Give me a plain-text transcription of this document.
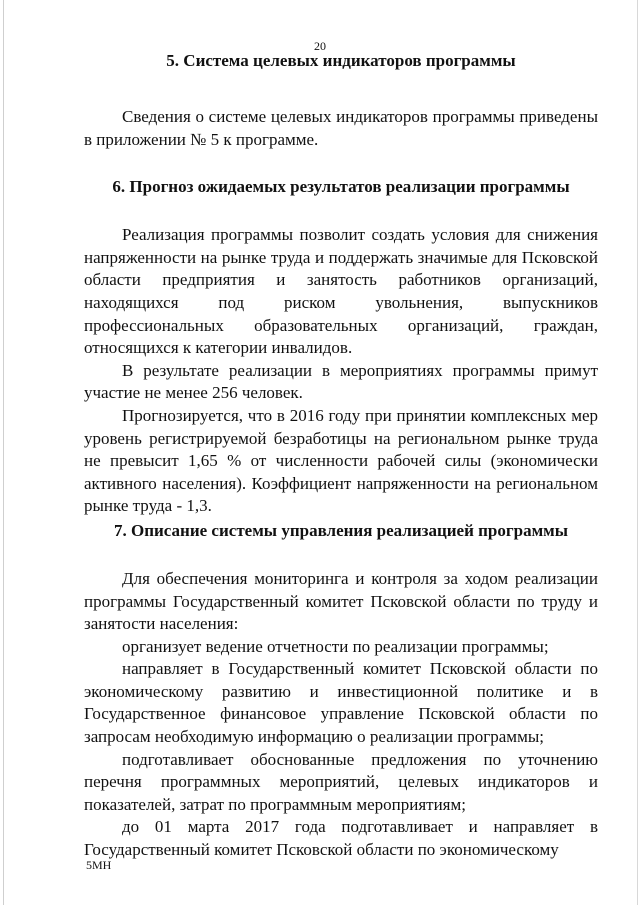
20
5. Система целевых индикаторов программы

Сведения о системе целевых индикаторов программы приведены в приложении № 5 к программе.

6. Прогноз ожидаемых результатов реализации программы

Реализация программы позволит создать условия для снижения напряженности на рынке труда и поддержать значимые для Псковской области предприятия и занятость работников организаций, находящихся под риском увольнения, выпускников профессиональных образовательных организаций, граждан, относящихся к категории инвалидов.

В результате реализации в мероприятиях программы примут участие не менее 256 человек.

Прогнозируется, что в 2016 году при принятии комплексных мер уровень регистрируемой безработицы на региональном рынке труда не превысит 1,65 % от численности рабочей силы (экономически активного населения). Коэффициент напряженности на региональном рынке труда - 1,3.

7. Описание системы управления реализацией программы

Для обеспечения мониторинга и контроля за ходом реализации программы Государственный комитет Псковской области по труду и занятости населения:

организует ведение отчетности по реализации программы;

направляет в Государственный комитет Псковской области по экономическому развитию и инвестиционной политике и в Государственное финансовое управление Псковской области по запросам необходимую информацию о реализации программы;

подготавливает обоснованные предложения по уточнению перечня программных мероприятий, целевых индикаторов и показателей, затрат по программным мероприятиям;

до 01 марта 2017 года подготавливает и направляет в Государственный комитет Псковской области по экономическому

5МН
